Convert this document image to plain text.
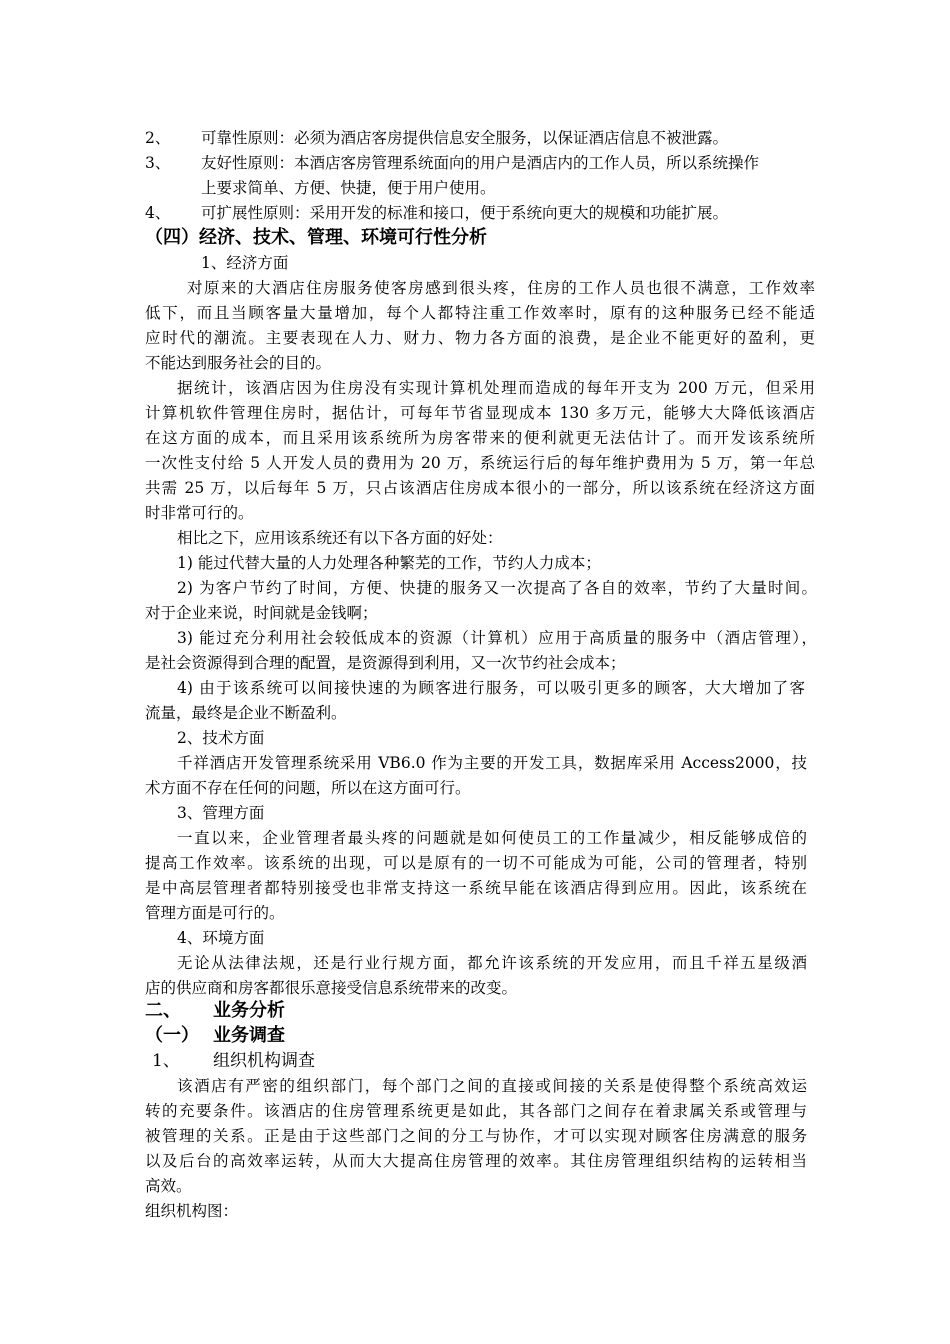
2、 可靠性原则：必须为酒店客房提供信息安全服务，以保证酒店信息不被泄露。
3、 友好性原则：本酒店客房管理系统面向的用户是酒店内的工作人员，所以系统操作
上要求简单、方便、快捷，便于用户使用。
4、 可扩展性原则：采用开发的标准和接口，便于系统向更大的规模和功能扩展。
（四）经济、技术、管理、环境可行性分析
1、经济方面
对原来的大酒店住房服务使客房感到很头疼，住房的工作人员也很不满意，工作效率
低下，而且当顾客量大量增加，每个人都特注重工作效率时，原有的这种服务已经不能适
应时代的潮流。主要表现在人力、财力、物力各方面的浪费，是企业不能更好的盈利，更
不能达到服务社会的目的。
据统计，该酒店因为住房没有实现计算机处理而造成的每年开支为 200 万元，但采用
计算机软件管理住房时，据估计，可每年节省显现成本 130 多万元，能够大大降低该酒店
在这方面的成本，而且采用该系统所为房客带来的便利就更无法估计了。而开发该系统所
一次性支付给 5 人开发人员的费用为 20 万，系统运行后的每年维护费用为 5 万，第一年总
共需 25 万，以后每年 5 万，只占该酒店住房成本很小的一部分，所以该系统在经济这方面
时非常可行的。
相比之下，应用该系统还有以下各方面的好处：
1) 能过代替大量的人力处理各种繁芜的工作，节约人力成本；
2) 为客户节约了时间，方便、快捷的服务又一次提高了各自的效率，节约了大量时间。
对于企业来说，时间就是金钱啊；
3) 能过充分利用社会较低成本的资源（计算机）应用于高质量的服务中（酒店管理），
是社会资源得到合理的配置，是资源得到利用，又一次节约社会成本；
4) 由于该系统可以间接快速的为顾客进行服务，可以吸引更多的顾客，大大增加了客
流量，最终是企业不断盈利。
2、技术方面
千祥酒店开发管理系统采用 VB6.0 作为主要的开发工具，数据库采用 Access2000，技
术方面不存在任何的问题，所以在这方面可行。
3、管理方面
一直以来，企业管理者最头疼的问题就是如何使员工的工作量减少，相反能够成倍的
提高工作效率。该系统的出现，可以是原有的一切不可能成为可能，公司的管理者，特别
是中高层管理者都特别接受也非常支持这一系统早能在该酒店得到应用。因此，该系统在
管理方面是可行的。
4、环境方面
无论从法律法规，还是行业行规方面，都允许该系统的开发应用，而且千祥五星级酒
店的供应商和房客都很乐意接受信息系统带来的改变。
二、 业务分析
（一） 业务调查
1、 组织机构调查
该酒店有严密的组织部门，每个部门之间的直接或间接的关系是使得整个系统高效运
转的充要条件。该酒店的住房管理系统更是如此，其各部门之间存在着隶属关系或管理与
被管理的关系。正是由于这些部门之间的分工与协作，才可以实现对顾客住房满意的服务
以及后台的高效率运转，从而大大提高住房管理的效率。其住房管理组织结构的运转相当
高效。
组织机构图：
